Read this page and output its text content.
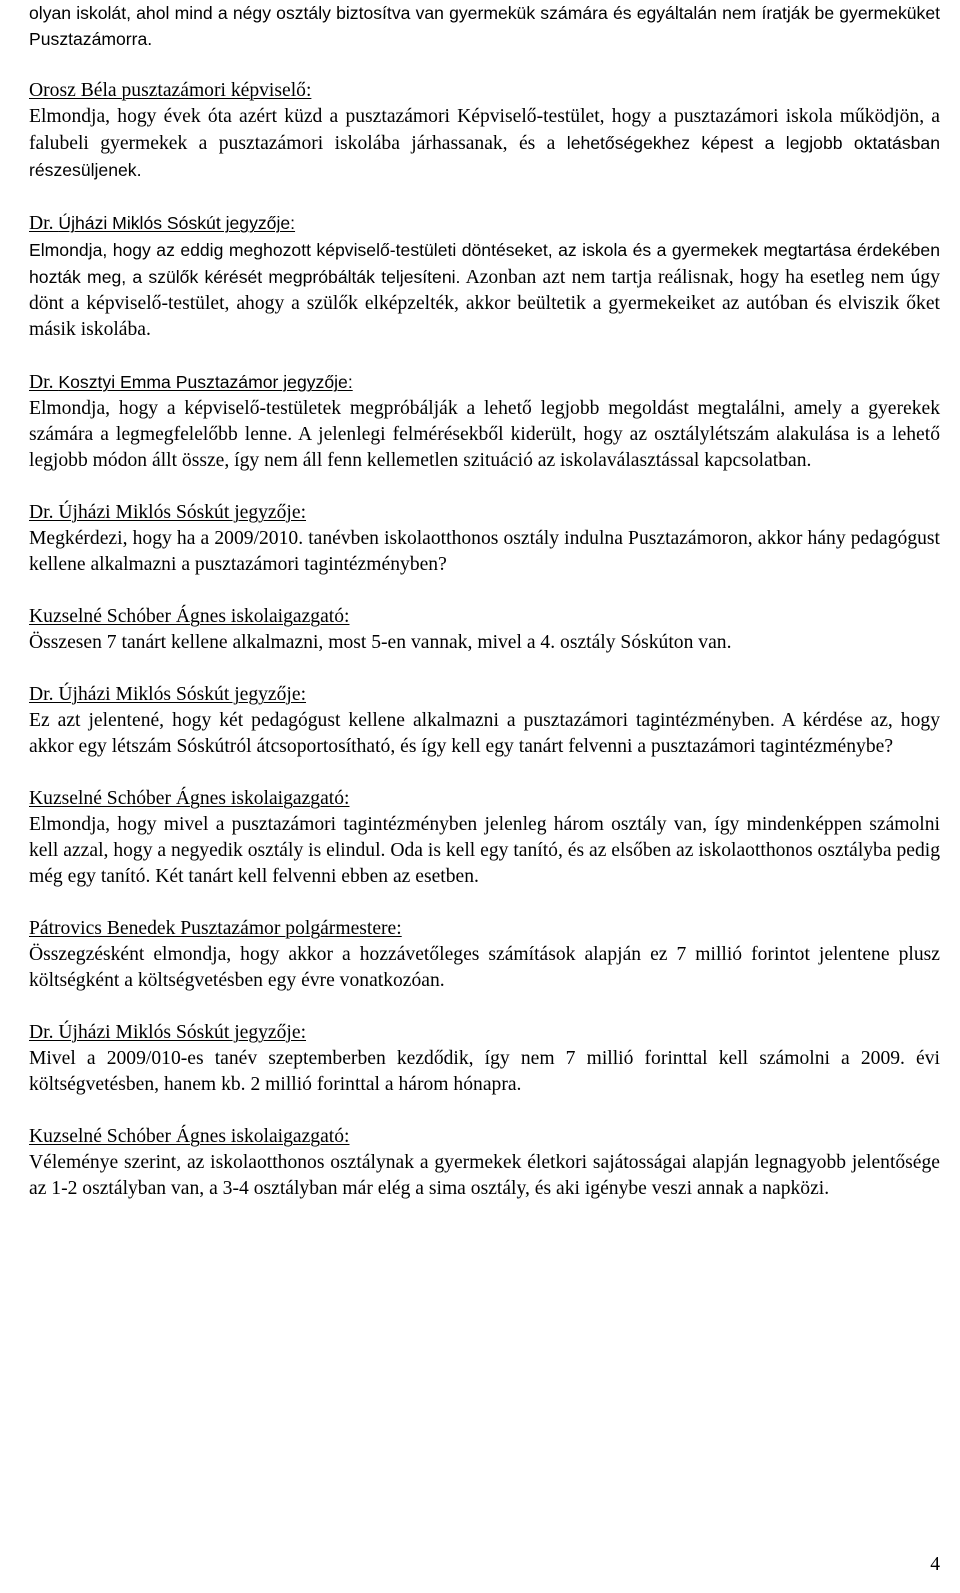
olyan iskolát, ahol mind a négy osztály biztosítva van gyermekük számára és egyáltalán nem íratják be gyermeküket Pusztazámorra.

Orosz Béla pusztazámori képviselő:

Elmondja, hogy évek óta azért küzd a pusztazámori Képviselő-testület, hogy a pusztazámori iskola működjön, a falubeli gyermekek a pusztazámori iskolába járhassanak, és a lehetőségekhez képest a legjobb oktatásban részesüljenek.

Dr. Újházi Miklós Sóskút jegyzője:

Elmondja, hogy az eddig meghozott képviselő-testületi döntéseket, az iskola és a gyermekek megtartása érdekében hozták meg, a szülők kérését megpróbálták teljesíteni. Azonban azt nem tartja reálisnak, hogy ha esetleg nem úgy dönt a képviselő-testület, ahogy a szülők elképzelték, akkor beültetik a gyermekeiket az autóban és elviszik őket másik iskolába.

Dr. Kosztyi Emma Pusztazámor jegyzője:

Elmondja, hogy a képviselő-testületek megpróbálják a lehető legjobb megoldást megtalálni, amely a gyerekek számára a legmegfelelőbb lenne. A jelenlegi felmérésekből kiderült, hogy az osztálylétszám alakulása is a lehető legjobb módon állt össze, így nem áll fenn kellemetlen szituáció az iskolaválasztással kapcsolatban.

Dr. Újházi Miklós Sóskút jegyzője:

Megkérdezi, hogy ha a 2009/2010. tanévben iskolaotthonos osztály indulna Pusztazámoron, akkor hány pedagógust kellene alkalmazni a pusztazámori tagintézményben?

Kuzselné Schóber Ágnes iskolaigazgató:

Összesen 7 tanárt kellene alkalmazni, most 5-en vannak, mivel a 4. osztály Sóskúton van.

Dr. Újházi Miklós Sóskút jegyzője:

Ez azt jelentené, hogy két pedagógust kellene alkalmazni a pusztazámori tagintézményben. A kérdése az, hogy akkor egy létszám Sóskútról átcsoportosítható, és így kell egy tanárt felvenni a pusztazámori tagintézménybe?

Kuzselné Schóber Ágnes iskolaigazgató:

Elmondja, hogy mivel a pusztazámori tagintézményben jelenleg három osztály van, így mindenképpen számolni kell azzal, hogy a negyedik osztály is elindul. Oda is kell egy tanító, és az elsőben az iskolaotthonos osztályba pedig még egy tanító. Két tanárt kell felvenni ebben az esetben.

Pátrovics Benedek Pusztazámor polgármestere:

Összegzésként elmondja, hogy akkor a hozzávetőleges számítások alapján ez 7 millió forintot jelentene plusz költségként a költségvetésben egy évre vonatkozóan.

Dr. Újházi Miklós Sóskút jegyzője:

Mivel a 2009/010-es tanév szeptemberben kezdődik, így nem 7 millió forinttal kell számolni a 2009. évi költségvetésben, hanem kb. 2 millió forinttal a három hónapra.

Kuzselné Schóber Ágnes iskolaigazgató:

Véleménye szerint, az iskolaotthonos osztálynak a gyermekek életkori sajátosságai alapján legnagyobb jelentősége az 1-2 osztályban van, a 3-4 osztályban már elég a sima osztály, és aki igénybe veszi annak a napközi.

4
